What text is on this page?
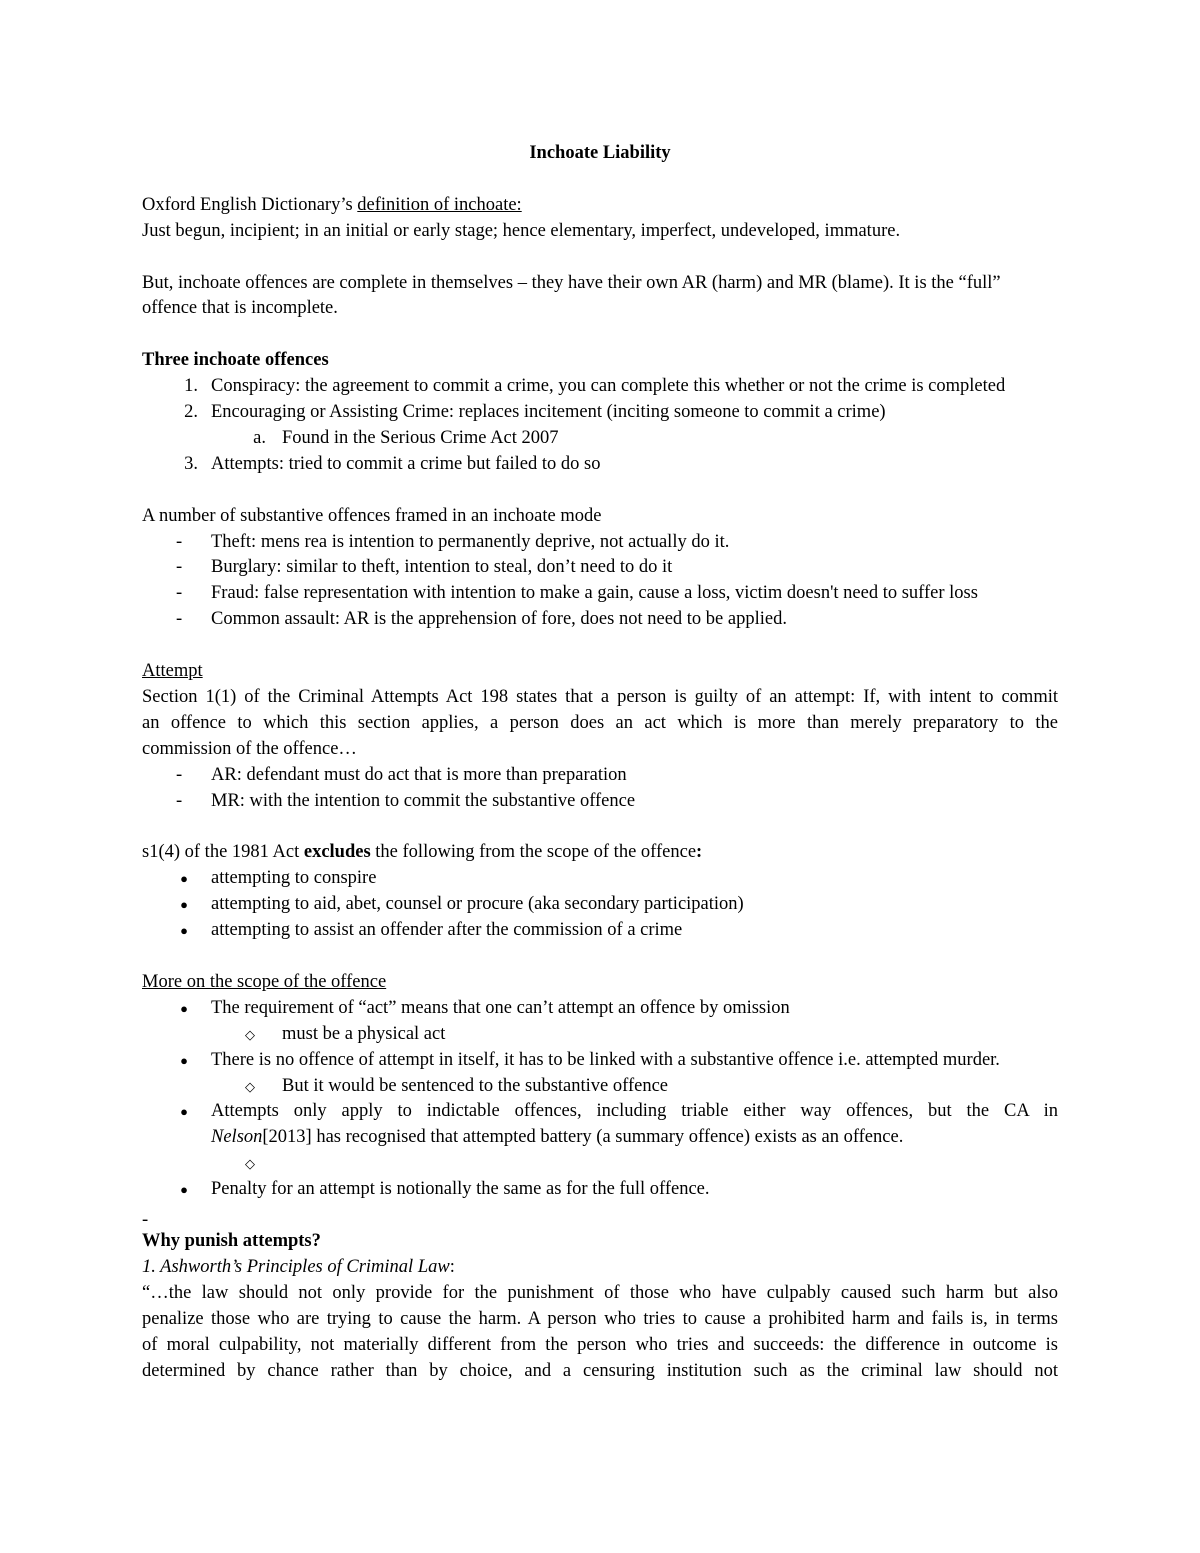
Inchoate Liability

Oxford English Dictionary’s definition of inchoate:

Just begun, incipient; in an initial or early stage; hence elementary, imperfect, undeveloped, immature.

But, inchoate offences are complete in themselves – they have their own AR (harm) and MR (blame). It is the “full”

offence that is incomplete.

Three inchoate offences

1. Conspiracy: the agreement to commit a crime, you can complete this whether or not the crime is completed

2. Encouraging or Assisting Crime: replaces incitement (inciting someone to commit a crime)

a. Found in the Serious Crime Act 2007

3. Attempts: tried to commit a crime but failed to do so

A number of substantive offences framed in an inchoate mode

-	Theft: mens rea is intention to permanently deprive, not actually do it.

-	Burglary: similar to theft, intention to steal, don’t need to do it

-	Fraud: false representation with intention to make a gain, cause a loss, victim doesn't need to suffer loss

-	Common assault: AR is the apprehension of fore, does not need to be applied.

Attempt

Section 1(1) of the Criminal Attempts Act 198 states that a person is guilty of an attempt: If, with intent to commit

an offence to which this section applies, a person does an act which is more than merely preparatory to the

commission of the offence…

-	AR: defendant must do act that is more than preparation

-	MR: with the intention to commit the substantive offence

s1(4) of the 1981 Act excludes the following from the scope of the offence:

● attempting to conspire

● attempting to aid, abet, counsel or procure (aka secondary participation)

● attempting to assist an offender after the commission of a crime

More on the scope of the offence

● The requirement of “act” means that one can’t attempt an offence by omission

◇ must be a physical act

● There is no offence of attempt in itself, it has to be linked with a substantive offence i.e. attempted murder.

◇ But it would be sentenced to the substantive offence

● Attempts only apply to indictable offences, including triable either way offences, but the CA in

Nelson[2013] has recognised that attempted battery (a summary offence) exists as an offence.

◇

● Penalty for an attempt is notionally the same as for the full offence.

-

Why punish attempts?

1. Ashworth’s Principles of Criminal Law:

“…the law should not only provide for the punishment of those who have culpably caused such harm but also

penalize those who are trying to cause the harm. A person who tries to cause a prohibited harm and fails is, in terms

of moral culpability, not materially different from the person who tries and succeeds: the difference in outcome is

determined by chance rather than by choice, and a censuring institution such as the criminal law should not
